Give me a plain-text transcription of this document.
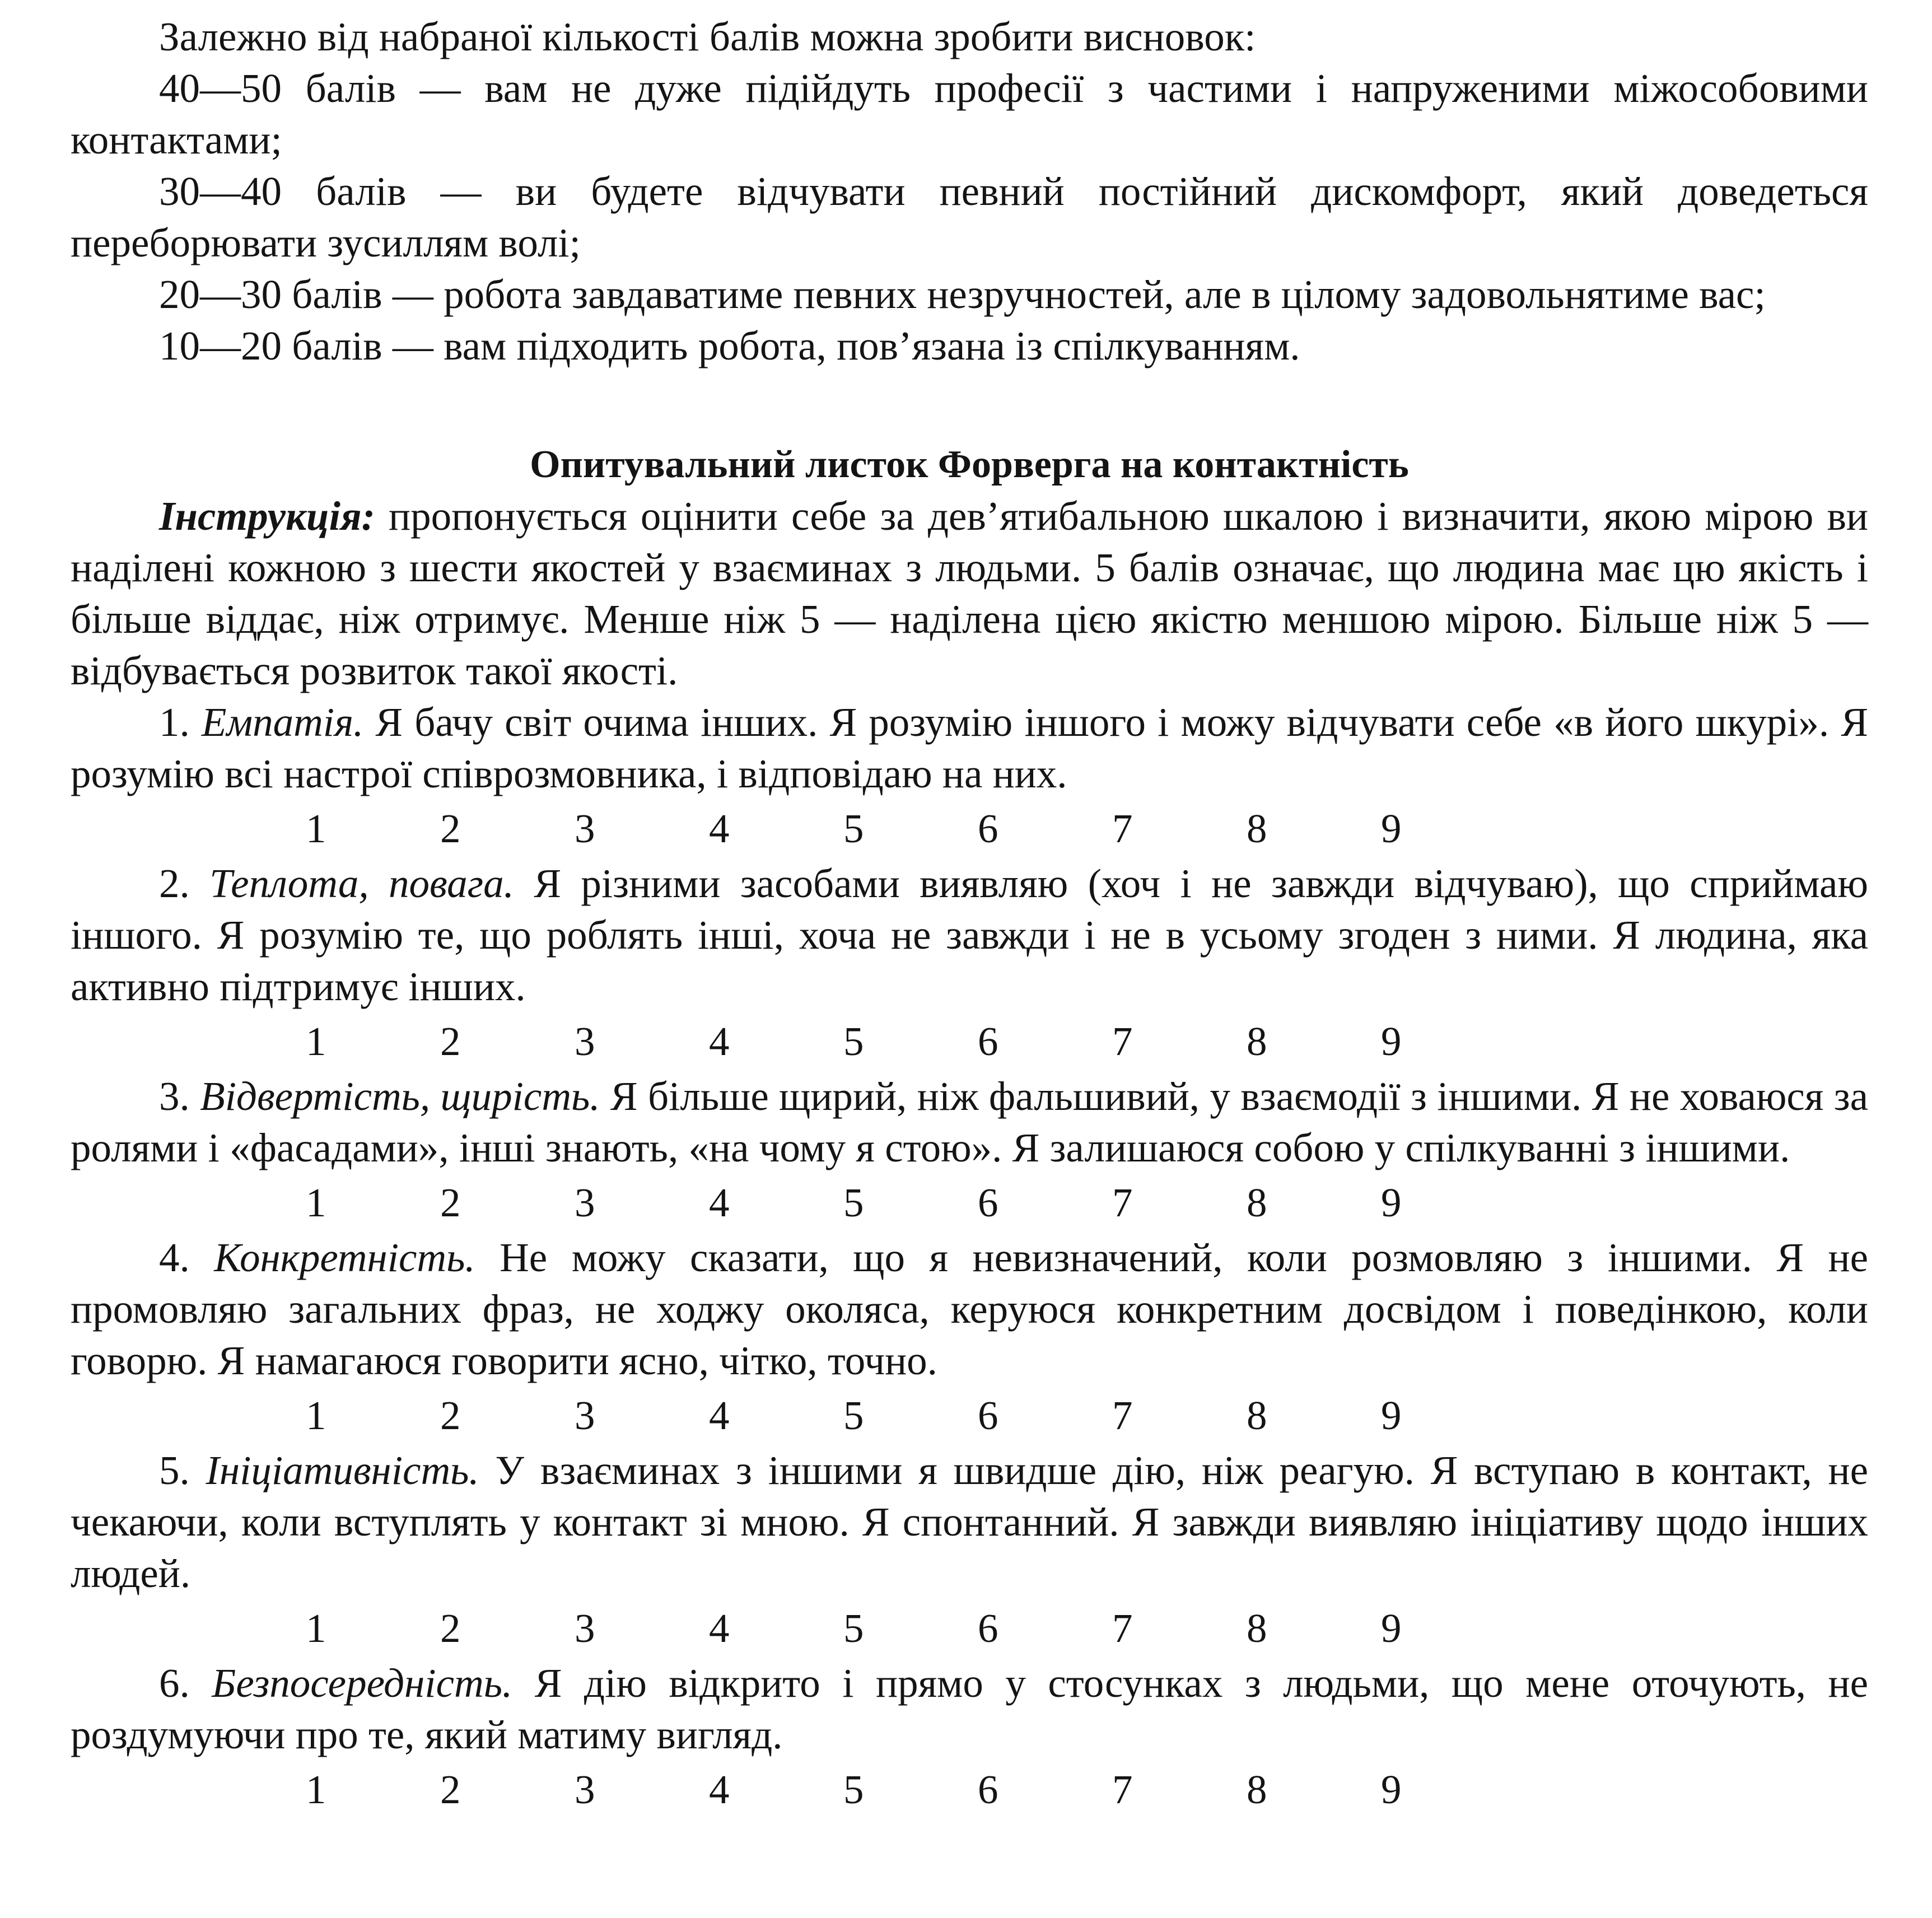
Залежно від набраної кількості балів можна зробити висновок:

40—50 балів — вам не дуже підійдуть професії з частими і напруженими міжособовими контактами;

30—40 балів — ви будете відчувати певний постійний дискомфорт, який доведеться переборювати зусиллям волі;

20—30 балів — робота завдаватиме певних незручностей, але в цілому задовольнятиме вас;

10—20 балів — вам підходить робота, пов’язана із спілкуванням.

Опитувальний листок Форверга на контактність

Інструкція: пропонується оцінити себе за дев’ятибальною шкалою і визначити, якою мірою ви наділені кожною з шести якостей у взаєминах з людьми. 5 балів означає, що людина має цю якість і більше віддає, ніж отримує. Менше ніж 5 — наділена цією якістю меншою мірою. Більше ніж 5 — відбувається розвиток такої якості.

1. Емпатія. Я бачу світ очима інших. Я розумію іншого і можу відчувати себе «в його шкурі». Я розумію всі настрої співрозмовника, і відповідаю на них.

1	2	3	4	5	6	7	8	9

2. Теплота, повага. Я різними засобами виявляю (хоч і не завжди відчуваю), що сприймаю іншого. Я розумію те, що роблять інші, хоча не завжди і не в усьому згоден з ними. Я людина, яка активно підтримує інших.

1	2	3	4	5	6	7	8	9

3. Відвертість, щирість. Я більше щирий, ніж фальшивий, у взаємодії з іншими. Я не ховаюся за ролями і «фасадами», інші знають, «на чому я стою». Я залишаюся собою у спілкуванні з іншими.

1	2	3	4	5	6	7	8	9

4. Конкретність. Не можу сказати, що я невизначений, коли розмовляю з іншими. Я не промовляю загальних фраз, не ходжу околяса, керуюся конкретним досвідом і поведінкою, коли говорю. Я намагаюся говорити ясно, чітко, точно.

1	2	3	4	5	6	7	8	9

5. Ініціативність. У взаєминах з іншими я швидше дію, ніж реагую. Я вступаю в контакт, не чекаючи, коли вступлять у контакт зі мною. Я спонтанний. Я завжди виявляю ініціативу щодо інших людей.

1	2	3	4	5	6	7	8	9

6. Безпосередність. Я дію відкрито і прямо у стосунках з людьми, що мене оточують, не роздумуючи про те, який матиму вигляд.

1	2	3	4	5	6	7	8	9
